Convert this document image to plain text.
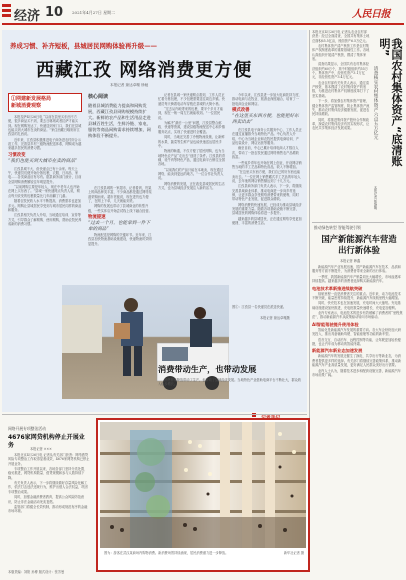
经济 10 2021年4月27日 星期二	人民日报
养成习惯、补齐短板，县城居民网购体验再升级——
西藏江孜 网络消费更方便
本报记者 琼达卓嘎 徐驰
①网建新发展格局
新城消费观察

本报拉萨4月26日电 “以前在县里买东西不方便，很多商品买不到，要去日喀则或者拉萨才能买到。现在网购发达了，快递送到家门口，我们在县城也能买到大城市在卖的商品。”家住西藏日喀则市江孜县的扎西说。

近年来，江孜县积极推进电子商务进农村综合示范工作，完善县乡村三级物流配送体系，网购成为越来越多居民的消费习惯。

习惯改变
“我们也能买到大城市在卖的商品”

江孜县城不大，但快递点已有十余家。每天上午，快递员们便开始分拣包裹，衣服、日用品、家电……各类商品应有尽有。据县商务部门统计，目前全县网购消费额较往年明显提升。

“以前网购主要是年轻人，现在中老年人也开始在网上买东西了。”县城一家快递网点负责人说，网点每天收发的包裹数量比几年前翻了几番。

随着农牧民收入水平不断提高，消费需求也更加多元。网购让县城居民享受到与城市居民同样的商品和服务。

江孜县相关负责人介绍，当地通过培训、宣传等方式，引导群众了解网购、使用网购，帮助农牧民养成新的消费习惯。

核心阅读
随着县城消费能力提高和网购发展，西藏江孜县网购规模持续扩大。新鲜的农产品和生活用品走进县城百姓生活，生鲜冷链、家电、服装等商品网购需求持续增加，网购体验不断提升。

在江孜县城的一家超市，记者看到，货架上的商品种类丰富，不少商品都是通过网络渠道采购而来。超市老板说，现在进货也方便了，在网上下单，几天就能到货。

网购的发展也带动了县城商业的转型升级，一些实体店开始尝试线上线下融合经营。

物流提速
“过去一个月，也能拿到一件下单的商品”

物流配送是网购的关键环节。近年来，江孜县加快物流基础设施建设，快递物流时效明显提升。

记者在县城一家快递网点看到，工作人员正忙着分拣包裹，不少包裹需要送往周边乡镇。快递员每天骑着电动车穿梭在县城的大街小巷。

“过去从内地寄来的包裹，要半个多月才能到，现在一般一周左右就能收到。”一位居民说。

为解决“最后一公里”问题，江孜县整合邮政、快递等资源，建设县级物流配送中心和乡镇服务站点，实现了快递进村全覆盖。

同时，当地还完善了冷链物流设施，让新鲜的水果、蔬菜等生鲜产品也能快速送达居民手中。

物流的畅通，不仅方便了居民网购，也为当地特色农产品“走出去”创造了条件。江孜县的青稞、牦牛肉等特色产品，通过电商平台销往全国各地。

“以前我们的产品只能在本地卖，现在通过网络，能卖到更远的地方。”一位合作社负责人说。

网络消费的发展，正在改变县城居民的生活方式，也为县域经济发展注入新的活力。

今年以来，江孜县进一步加大电商扶持力度，推动电商与农牧业、旅游业深度融合，培育了一批电商企业和网店。

模式改善
“在这里买东西方便，也能把好东西卖出去”

在江孜县电子商务公共服务中心，工作人员正在通过直播推介当地特色产品。中心负责人介绍，中心为当地企业和农牧民提供电商培训、产品包装设计、网店运营等服务。

截至目前，中心已累计培训电商人才数百人次，带动了一批农牧民通过网络销售农产品增收致富。

一些返乡青年也开始在网上创业，开设网店销售当地的手工艺品和特色食品，收入不断增加。

“在这里买东西方便，我们自己的好东西也能卖出去。”一位在网上销售藏式手工艺品的年轻人说，去年他的网店销售额达到了十几万元。

江孜县商务部门负责人表示，下一步，将继续完善县域商业体系，推动电商进一步向乡村延伸，让更多群众享受网络消费带来的便利，同时带动特色产业发展，促进群众增收。

网络消费的快速发展，已经成为推动县域经济发展的重要力量。随着各项基础设施不断完善，县城居民的网购体验将进一步提升。

越来越多的县城居民，正在通过网络享受更加便捷、丰富的消费生活。

图①：江孜县一名快递员在派送快递。
本报记者 琼达卓嘎摄
消费带动生产，也带动发展

消费需求释放带动了生产，也带动了县域经济发展。当地特色产业借助电商平台不断壮大，群众收入稳步增长。

本报北京4月26日电 记者从农业农村部获悉：经过全面清查，全国共有集体土地总面积65.5亿亩，账面资产6.5万亿元。

农村集体资产清产核资工作是农村集体产权制度改革的重要基础性工作。各地认真组织开展清产核资，摸清了集体家底。

清查结果显示，全国共有农村集体经济组织约60万个，其中村级组织约55万个。集体资产中，经营性资产3.1万亿元，非经营性资产3.4万亿元。

农业农村部有关负责人表示，通过清产核资，基本摸清了农村集体资产的底数，为推进农村集体产权制度改革打下了坚实基础。

下一步，将加强农村集体资产管理，健全集体资产监管制度，防止集体资产流失，推动农村集体经济健康发展，促进农民持续增收。

同时，将推进集体资产股份合作制改革，探索农村集体经济有效实现形式，让农民共享集体经济发展成果。	我国农村集体资产“底清账明”
清查核实农村集体资产六点五万亿元
本报记者 郁静娴
推动绿色转型 智能驾驶引领
国产新能源汽车营造出行新体验
本报记者 韩鑫

新能源汽车产业发展迅速，国产新能源汽车在技术、品质和服务等方面不断提升，为消费者带来全新的出行体验。

一季度，我国新能源汽车产销量同比大幅增长，市场渗透率持续提高。越来越多的消费者选择购买新能源汽车。

电池技术革新推进续航突破

续航里程一直是消费者关注的重点。近年来，动力电池技术不断突破，能量密度持续提升，新能源汽车续航里程大幅增加。

同时，快充技术也在加速发展，充电时间大大缩短。充电基础设施建设加快推进，充电桩数量快速增长，充电更加便利。

业内专家表示，电池技术的进步有效缓解了消费者的“里程焦虑”，推动新能源汽车从政策驱动转向市场驱动。

AI智能驾驶提升使用体验

智能化是新能源汽车发展的重要方向。各大车企纷纷加大研发投入，推出具备辅助驾驶、智能座舱等功能的新车型。

语音交互、自动泊车、远程控制等功能，让驾驶更加轻松便捷，也让汽车成为移动的智能终端。

新能源汽车新业态加速发展

新能源汽车的发展还催生了换电、共享出行等新业态，为消费者提供更多样的选择。有关部门将继续完善政策体系，推动新能源汽车产业高质量发展，更好满足人民群众美好出行需要。

业内人士认为，随着技术进步和配套设施完善，新能源汽车市场前景广阔。

网络开展专项整治活动
4676家网贷机构停止开展业务	本报记者 ×××

本报北京4月26日电 记者从有关部门获悉：网络借贷风险专项整治工作取得显著成效，4676家网贷机构已停止开展业务。

专项整治工作开展以来，各地各部门坚持分类处置、稳妥推进，网贷机构数量、借贷规模和参与人数持续下降。

有关负责人表示，下一步将继续做好存量风险化解工作，依法打击违法违规行为，维护出借人合法权益，巩固专项整治成果。

同时，加强金融消费者教育，提高公众风险防范意识，防止非法金融活动死灰复燃。

监管部门将健全长效机制，推动形成规范有序的金融市场环境。

图为：游客在武汉某商场内购物消费。新消费场景持续涌现，居民消费潜力进一步释放。	新华社记者 摄
本版责编：刘阳 孙博 版式设计：张芳曼
